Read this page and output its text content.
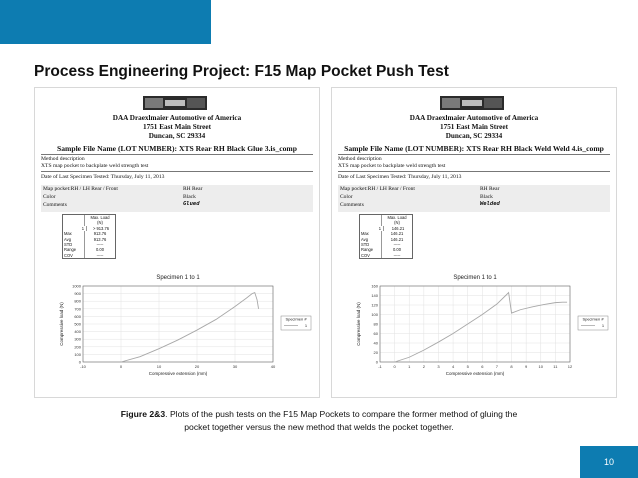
Process Engineering Project: F15 Map Pocket Push Test
DAA Draexlmaier Automotive of America
1751 East Main Street
Duncan, SC 29334
Sample File Name (LOT NUMBER): XTS Rear RH Black Glue 3.is_comp
Method description
XTS map pocket to backplate weld strength test
Date of Last Specimen Tested: Thursday, July 11, 2013
Map pocket:RH / LH Rear / Front	RH Rear
Color	Black
Comments	Glued
Max. Load
(N)
1	> 913.76
Max	913.76
Avg	913.76
STD	-----
Range	0.00
COV	-----
Specimen 1 to 1
0
100
200
300
400
500
600
700
800
900
1000
-10	0	10	20	30	40
Compressive extension (mm)
Compressive load (N)	Specimen #
1
DAA Draexlmaier Automotive of America
1751 East Main Street
Duncan, SC 29334
Sample File Name (LOT NUMBER): XTS Rear RH Black Weld Weld 4.is_comp
Method description
XTS map pocket to backplate weld strength test
Date of Last Specimen Tested: Thursday, July 11, 2013
Map pocket:RH / LH Rear / Front	RH Rear
Color	Black
Comments	Welded
Max. Load
(N)
1	146.21
Max	146.21
Avg	146.21
STD	-----
Range	0.00
COV	-----
Specimen 1 to 1
0
20
40
60
80
100
120
140
160
-1	0	1	2	3	4	5	6	7	8	9	10	11	12
Compressive extension (mm)
Compressive load (N)	Specimen #
1
Figure 2&3. Plots of the push tests on the F15 Map Pockets to compare the former method of gluing the
pocket together versus the new method that welds the pocket together.
10
